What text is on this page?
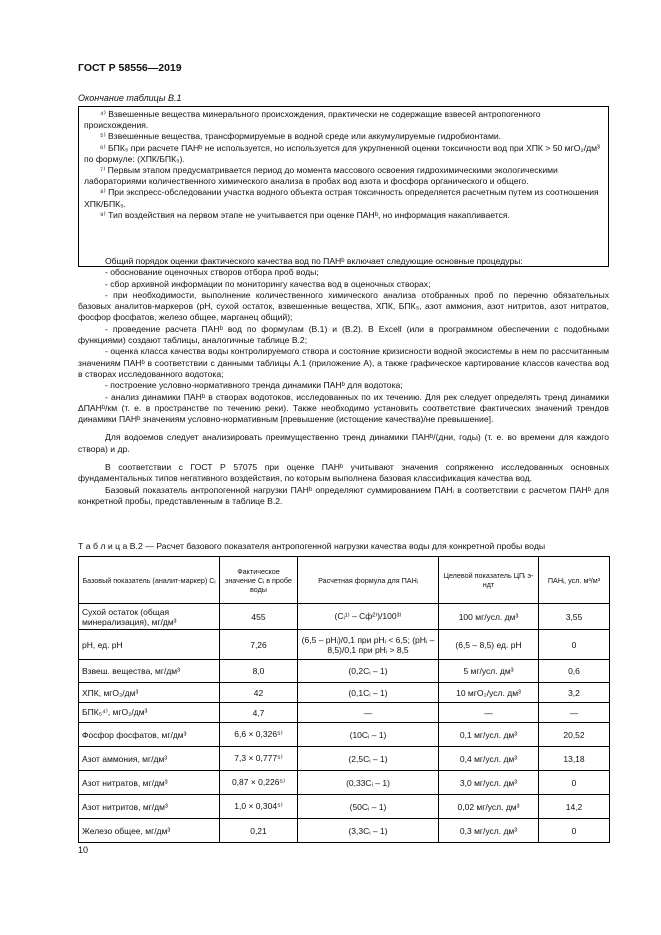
ГОСТ Р 58556—2019
Окончание таблицы В.1

⁴⁾ Взвешенные вещества минерального происхождения, практически не содержащие взвесей антропогенного происхождения.

⁵⁾ Взвешенные вещества, трансформируемые в водной среде или аккумулируемые гидробионтами.

⁶⁾ БПК₅ при расчете ПАНᵇ не используется, но используется для укрупненной оценки токсичности вод при ХПК > 50 мгО₂/дм³ по формуле: (ХПК/БПК₅).

⁷⁾ Первым этапом предусматривается период до момента массового освоения гидрохимическими экологическими лабораториями количественного химического анализа в пробах вод азота и фосфора органического и общего.

⁸⁾ При экспресс-обследовании участка водного объекта острая токсичность определяется расчетным путем из соотношения ХПК/БПК₅.

⁹⁾ Тип воздействия на первом этапе не учитывается при оценке ПАНᵇ, но информация накапливается.

Общий порядок оценки фактического качества вод по ПАНᵇ включает следующие основные процедуры:

- обоснование оценочных створов отбора проб воды;

- сбор архивной информации по мониторингу качества вод в оценочных створах;

- при необходимости, выполнение количественного химического анализа отобранных проб по перечню обязательных базовых аналитов-маркеров (рН, сухой остаток, взвешенные вещества, ХПК, БПК₅, азот аммония, азот нитритов, азот нитратов, фосфор фосфатов, железо общее, марганец общий);

- проведение расчета ПАНᵇ вод по формулам (В.1) и (В.2). В Excell (или в программном обеспечении с подобными функциями) создают таблицы, аналогичные таблице В.2;

- оценка класса качества воды контролируемого створа и состояние кризисности водной экосистемы в нем по рассчитанным значениям ПАНᵇ в соответствии с данными таблицы А.1 (приложение А), а также графическое картирование классов качества вод в створах исследованного водотока;

- построение условно-нормативного тренда динамики ПАНᵇ для водотока;

- анализ динамики ПАНᵇ в створах водотоков, исследованных по их течению. Для рек следует определять тренд динамики ΔПАНᵇ/км (т. е. в пространстве по течению реки). Также необходимо установить соответствие фактических значений трендов динамики ПАНᵇ значениям условно-нормативным [превышение (истощение качества)/не превышение].

Для водоемов следует анализировать преимущественно тренд динамики ПАНᵇ/(дни, годы) (т. е. во времени для каждого створа) и др.

В соответствии с ГОСТ Р 57075 при оценке ПАНᵇ учитывают значения сопряженно исследованных основных фундаментальных типов негативного воздействия, по которым выполнена базовая классификация качества вод.

Базовый показатель антропогенной нагрузки ПАНᵇ определяют суммированием ПАНᵢ в соответствии с расчетом ПАНᵇ для конкретной пробы, представленным в таблице В.2.

Т а б л и ц а В.2 — Расчет базового показателя антропогенной нагрузки качества воды для конкретной пробы воды
Базовый показатель (аналит-маркер) Cᵢ	Фактическое значение Cᵢ в пробе воды	Расчетная формула для ПАНᵢ	Целевой показатель ЦПᵢ э-ндт	ПАНᵢ, усл. м³/м³
Сухой остаток (общая минерализация), мг/дм³	455	(Cᵢ¹⁾ – Cф²⁾)/100³⁾	100 мг/усл. дм³	3,55
рН, ед. рН	7,26	(6,5 – рНᵢ)/0,1 при рНᵢ < 6,5; (рНᵢ – 8,5)/0,1 при рНᵢ > 8,5	(6,5 – 8,5) ед. рН	0
Взвеш. вещества, мг/дм³	8,0	(0,2Cᵢ – 1)	5 мг/усл. дм³	0,6
ХПК, мгО₂/дм³	42	(0,1Cᵢ – 1)	10 мгО₂/усл. дм³	3,2
БПК₅⁴⁾, мгО₂/дм³	4,7	—	—	—
Фосфор фосфатов, мг/дм³	6,6 × 0,326⁵⁾	(10Cᵢ – 1)	0,1 мг/усл. дм³	20,52
Азот аммония, мг/дм³	7,3 × 0,777⁵⁾	(2,5Cᵢ – 1)	0,4 мг/усл. дм³	13,18
Азот нитратов, мг/дм³	0,87 × 0,226⁵⁾	(0,33Cᵢ – 1)	3,0 мг/усл. дм³	0
Азот нитритов, мг/дм³	1,0 × 0,304⁵⁾	(50Cᵢ – 1)	0,02 мг/усл. дм³	14,2
Железо общее, мг/дм³	0,21	(3,3Cᵢ – 1)	0,3 мг/усл. дм³	0
10
